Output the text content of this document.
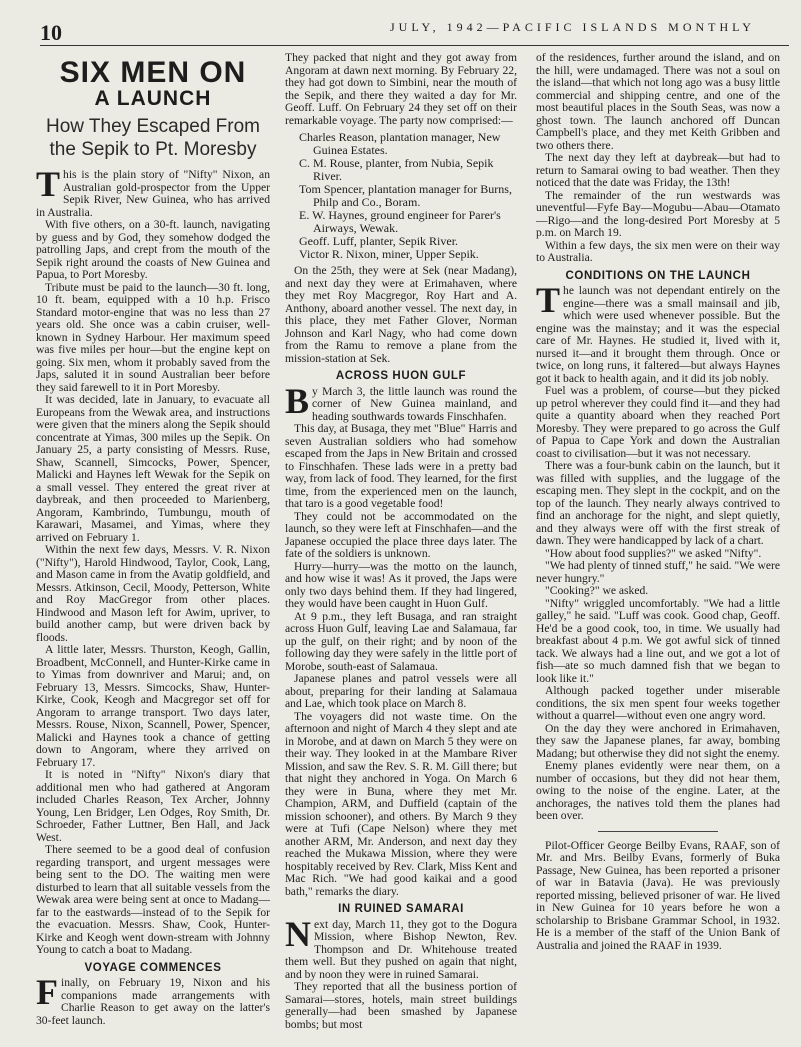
10	JULY, 1942—PACIFIC ISLANDS MONTHLY
SIX MEN ON
A LAUNCH
How They Escaped From the Sepik to Pt. Moresby

This is the plain story of "Nifty" Nixon, an Australian gold-prospector from the Upper Sepik River, New Guinea, who has arrived in Australia.

With five others, on a 30-ft. launch, navigating by guess and by God, they somehow dodged the patrolling Japs, and crept from the mouth of the Sepik right around the coasts of New Guinea and Papua, to Port Moresby.

Tribute must be paid to the launch—30 ft. long, 10 ft. beam, equipped with a 10 h.p. Frisco Standard motor-engine that was no less than 27 years old. She once was a cabin cruiser, well-known in Sydney Harbour. Her maximum speed was five miles per hour—but the engine kept on going. Six men, whom it probably saved from the Japs, saluted it in sound Australian beer before they said farewell to it in Port Moresby.

It was decided, late in January, to evacuate all Europeans from the Wewak area, and instructions were given that the miners along the Sepik should concentrate at Yimas, 300 miles up the Sepik. On January 25, a party consisting of Messrs. Ruse, Shaw, Scannell, Simcocks, Power, Spencer, Malicki and Haynes left Wewak for the Sepik on a small vessel. They entered the great river at daybreak, and then proceeded to Marienberg, Angoram, Kambrindo, Tumbungu, mouth of Karawari, Masamei, and Yimas, where they arrived on February 1.

Within the next few days, Messrs. V. R. Nixon ("Nifty"), Harold Hindwood, Taylor, Cook, Lang, and Mason came in from the Avatip goldfield, and Messrs. Atkinson, Cecil, Moody, Petterson, White and Roy MacGregor from other places. Hindwood and Mason left for Awim, upriver, to build another camp, but were driven back by floods.

A little later, Messrs. Thurston, Keogh, Gallin, Broadbent, McConnell, and Hunter-Kirke came in to Yimas from downriver and Marui; and, on February 13, Messrs. Simcocks, Shaw, Hunter-Kirke, Cook, Keogh and Macgregor set off for Angoram to arrange transport. Two days later, Messrs. Rouse, Nixon, Scannell, Power, Spencer, Malicki and Haynes took a chance of getting down to Angoram, where they arrived on February 17.

It is noted in "Nifty" Nixon's diary that additional men who had gathered at Angoram included Charles Reason, Tex Archer, Johnny Young, Len Bridger, Len Odges, Roy Smith, Dr. Schroeder, Father Luttner, Ben Hall, and Jack West.

There seemed to be a good deal of confusion regarding transport, and urgent messages were being sent to the DO. The waiting men were disturbed to learn that all suitable vessels from the Wewak area were being sent at once to Madang—far to the eastwards—instead of to the Sepik for the evacuation. Messrs. Shaw, Cook, Hunter-Kirke and Keogh went down-stream with Johnny Young to catch a boat to Madang.

VOYAGE COMMENCES

Finally, on February 19, Nixon and his companions made arrangements with Charlie Reason to get away on the latter's 30-feet launch.

They packed that night and they got away from Angoram at dawn next morning. By February 22, they had got down to Simbini, near the mouth of the Sepik, and there they waited a day for Mr. Geoff. Luff. On February 24 they set off on their remarkable voyage. The party now comprised:—

Charles Reason, plantation manager, New Guinea Estates.
C. M. Rouse, planter, from Nubia, Sepik River.
Tom Spencer, plantation manager for Burns, Philp and Co., Boram.
E. W. Haynes, ground engineer for Parer's Airways, Wewak.
Geoff. Luff, planter, Sepik River.
Victor R. Nixon, miner, Upper Sepik.

On the 25th, they were at Sek (near Madang), and next day they were at Erimahaven, where they met Roy Macgregor, Roy Hart and A. Anthony, aboard another vessel. The next day, in this place, they met Father Glover, Norman Johnson and Karl Nagy, who had come down from the Ramu to remove a plane from the mission-station at Sek.

ACROSS HUON GULF

By March 3, the little launch was round the corner of New Guinea mainland, and heading southwards towards Finschhafen.

This day, at Busaga, they met "Blue" Harris and seven Australian soldiers who had somehow escaped from the Japs in New Britain and crossed to Finschhafen. These lads were in a pretty bad way, from lack of food. They learned, for the first time, from the experienced men on the launch, that taro is a good vegetable food!

They could not be accommodated on the launch, so they were left at Finschhafen—and the Japanese occupied the place three days later. The fate of the soldiers is unknown.

Hurry—hurry—was the motto on the launch, and how wise it was! As it proved, the Japs were only two days behind them. If they had lingered, they would have been caught in Huon Gulf.

At 9 p.m., they left Busaga, and ran straight across Huon Gulf, leaving Lae and Salamaua, far up the gulf, on their right; and by noon of the following day they were safely in the little port of Morobe, south-east of Salamaua.

Japanese planes and patrol vessels were all about, preparing for their landing at Salamaua and Lae, which took place on March 8.

The voyagers did not waste time. On the afternoon and night of March 4 they slept and ate in Morobe, and at dawn on March 5 they were on their way. They looked in at the Mambare River Mission, and saw the Rev. S. R. M. Gill there; but that night they anchored in Yoga. On March 6 they were in Buna, where they met Mr. Champion, ARM, and Duffield (captain of the mission schooner), and others. By March 9 they were at Tufi (Cape Nelson) where they met another ARM, Mr. Anderson, and next day they reached the Mukawa Mission, where they were hospitably received by Rev. Clark, Miss Kent and Mac Rich. "We had good kaikai and a good bath," remarks the diary.

IN RUINED SAMARAI

Next day, March 11, they got to the Dogura Mission, where Bishop Newton, Rev. Thompson and Dr. Whitehouse treated them well. But they pushed on again that night, and by noon they were in ruined Samarai.

They reported that all the business portion of Samarai—stores, hotels, main street buildings generally—had been smashed by Japanese bombs; but most

of the residences, further around the island, and on the hill, were undamaged. There was not a soul on the island—that which not long ago was a busy little commercial and shipping centre, and one of the most beautiful places in the South Seas, was now a ghost town. The launch anchored off Duncan Campbell's place, and they met Keith Gribben and two others there.

The next day they left at daybreak—but had to return to Samarai owing to bad weather. Then they noticed that the date was Friday, the 13th!

The remainder of the run westwards was uneventful—Fyfe Bay—Mogubu—Abau—Otamato—Rigo—and the long-desired Port Moresby at 5 p.m. on March 19.

Within a few days, the six men were on their way to Australia.

CONDITIONS ON THE LAUNCH

The launch was not dependant entirely on the engine—there was a small mainsail and jib, which were used whenever possible. But the engine was the mainstay; and it was the especial care of Mr. Haynes. He studied it, lived with it, nursed it—and it brought them through. Once or twice, on long runs, it faltered—but always Haynes got it back to health again, and it did its job nobly.

Fuel was a problem, of course—but they picked up petrol wherever they could find it—and they had quite a quantity aboard when they reached Port Moresby. They were prepared to go across the Gulf of Papua to Cape York and down the Australian coast to civilisation—but it was not necessary.

There was a four-bunk cabin on the launch, but it was filled with supplies, and the luggage of the escaping men. They slept in the cockpit, and on the top of the launch. They nearly always contrived to find an anchorage for the night, and slept quietly, and they always were off with the first streak of dawn. They were handicapped by lack of a chart.

"How about food supplies?" we asked "Nifty".

"We had plenty of tinned stuff," he said. "We were never hungry."

"Cooking?" we asked.

"Nifty" wriggled uncomfortably. "We had a little galley," he said. "Luff was cook. Good chap, Geoff. He'd be a good cook, too, in time. We usually had breakfast about 4 p.m. We got awful sick of tinned tack. We always had a line out, and we got a lot of fish—ate so much damned fish that we began to look like it."

Although packed together under miserable conditions, the six men spent four weeks together without a quarrel—without even one angry word.

On the day they were anchored in Erimahaven, they saw the Japanese planes, far away, bombing Madang; but otherwise they did not sight the enemy.

Enemy planes evidently were near them, on a number of occasions, but they did not hear them, owing to the noise of the engine. Later, at the anchorages, the natives told them the planes had been over.

Pilot-Officer George Beilby Evans, RAAF, son of Mr. and Mrs. Beilby Evans, formerly of Buka Passage, New Guinea, has been reported a prisoner of war in Batavia (Java). He was previously reported missing, believed prisoner of war. He lived in New Guinea for 10 years before he won a scholarship to Brisbane Grammar School, in 1932. He is a member of the staff of the Union Bank of Australia and joined the RAAF in 1939.
